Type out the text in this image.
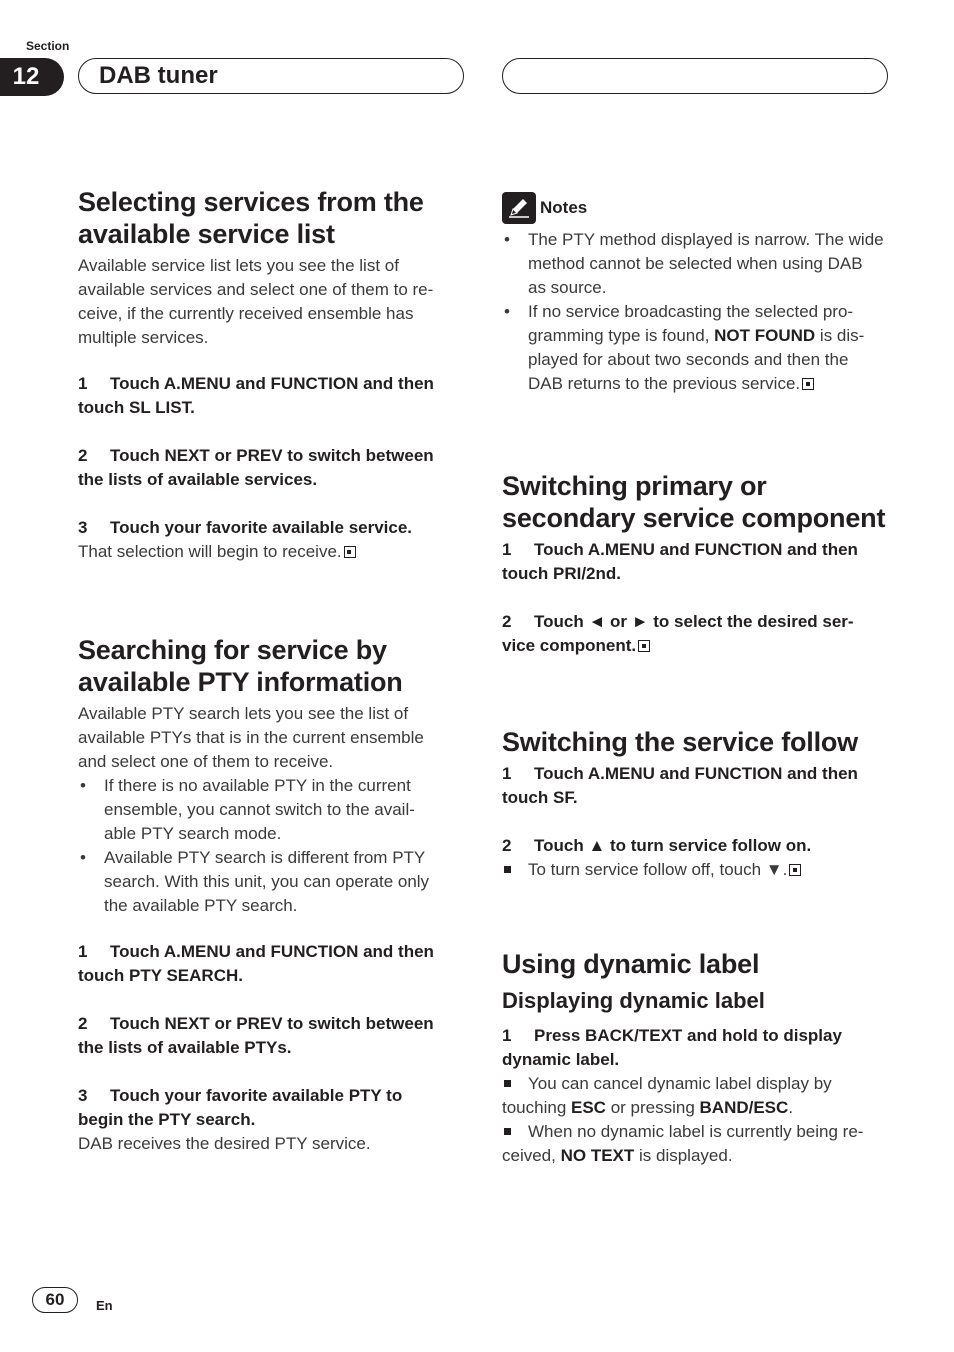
Section
12	DAB tuner
Selecting services from the
available service list
Available service list lets you see the list of
available services and select one of them to re-
ceive, if the currently received ensemble has
multiple services.
1 Touch A.MENU and FUNCTION and then
touch SL LIST.
2 Touch NEXT or PREV to switch between
the lists of available services.
3 Touch your favorite available service.
That selection will begin to receive.
Searching for service by
available PTY information
Available PTY search lets you see the list of
available PTYs that is in the current ensemble
and select one of them to receive.
• If there is no available PTY in the current
ensemble, you cannot switch to the avail-
able PTY search mode.
• Available PTY search is different from PTY
search. With this unit, you can operate only
the available PTY search.
1 Touch A.MENU and FUNCTION and then
touch PTY SEARCH.
2 Touch NEXT or PREV to switch between
the lists of available PTYs.
3 Touch your favorite available PTY to
begin the PTY search.
DAB receives the desired PTY service.
Notes
• The PTY method displayed is narrow. The wide
method cannot be selected when using DAB
as source.
• If no service broadcasting the selected pro-
gramming type is found, NOT FOUND is dis-
played for about two seconds and then the
DAB returns to the previous service.
Switching primary or
secondary service component
1 Touch A.MENU and FUNCTION and then
touch PRI/2nd.
2 Touch ◄ or ► to select the desired ser-
vice component.
Switching the service follow
1 Touch A.MENU and FUNCTION and then
touch SF.
2 Touch ▲ to turn service follow on.
To turn service follow off, touch ▼.
Using dynamic label
Displaying dynamic label
1 Press BACK/TEXT and hold to display
dynamic label.
You can cancel dynamic label display by
touching ESC or pressing BAND/ESC.
When no dynamic label is currently being re-
ceived, NO TEXT is displayed.
60	En
